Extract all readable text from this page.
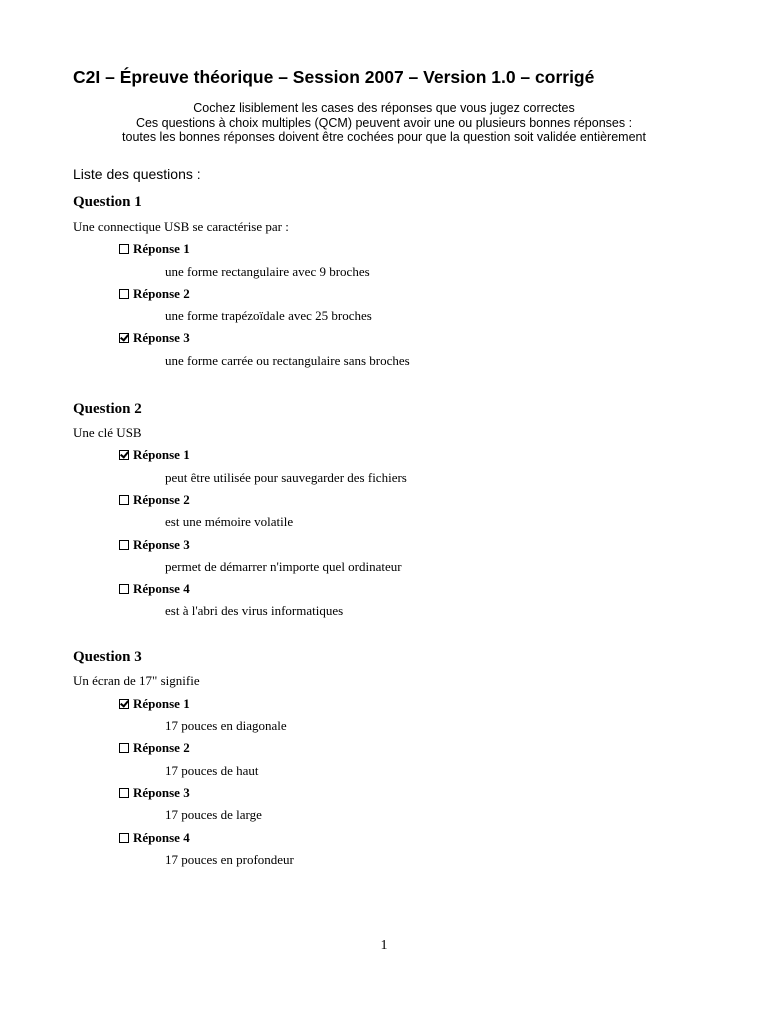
C2I – Épreuve théorique – Session 2007 – Version 1.0 – corrigé
Cochez lisiblement les cases des réponses que vous jugez correctes
Ces questions à choix multiples (QCM) peuvent avoir une ou plusieurs bonnes réponses :
toutes les bonnes réponses doivent être cochées pour que la question soit validée entièrement
Liste des questions :
Question 1
Une connectique USB se caractérise par :
Réponse 1
une forme rectangulaire avec 9 broches
Réponse 2
une forme trapézoïdale avec 25 broches
Réponse 3
une forme carrée ou rectangulaire sans broches
Question 2
Une clé USB
Réponse 1
peut être utilisée pour sauvegarder des fichiers
Réponse 2
est une mémoire volatile
Réponse 3
permet de démarrer n'importe quel ordinateur
Réponse 4
est à l'abri des virus informatiques
Question 3
Un écran de 17" signifie
Réponse 1
17 pouces en diagonale
Réponse 2
17 pouces de haut
Réponse 3
17 pouces de large
Réponse 4
17 pouces en profondeur
1
